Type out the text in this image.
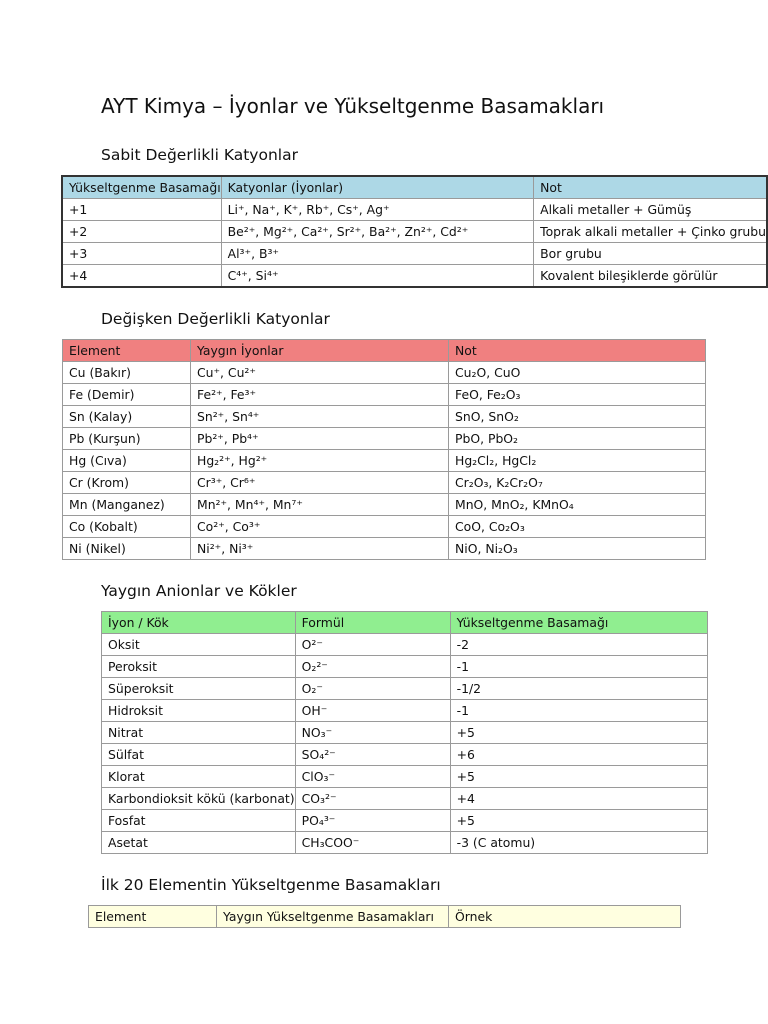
AYT Kimya – İyonlar ve Yükseltgenme Basamakları
Sabit Değerlikli Katyonlar
Yükseltgenme Basamağı	Katyonlar (İyonlar)	Not
+1	Li⁺, Na⁺, K⁺, Rb⁺, Cs⁺, Ag⁺	Alkali metaller + Gümüş
+2	Be²⁺, Mg²⁺, Ca²⁺, Sr²⁺, Ba²⁺, Zn²⁺, Cd²⁺	Toprak alkali metaller + Çinko grubu
+3	Al³⁺, B³⁺	Bor grubu
+4	C⁴⁺, Si⁴⁺	Kovalent bileşiklerde görülür
Değişken Değerlikli Katyonlar
Element	Yaygın İyonlar	Not
Cu (Bakır)	Cu⁺, Cu²⁺	Cu₂O, CuO
Fe (Demir)	Fe²⁺, Fe³⁺	FeO, Fe₂O₃
Sn (Kalay)	Sn²⁺, Sn⁴⁺	SnO, SnO₂
Pb (Kurşun)	Pb²⁺, Pb⁴⁺	PbO, PbO₂
Hg (Cıva)	Hg₂²⁺, Hg²⁺	Hg₂Cl₂, HgCl₂
Cr (Krom)	Cr³⁺, Cr⁶⁺	Cr₂O₃, K₂Cr₂O₇
Mn (Manganez)	Mn²⁺, Mn⁴⁺, Mn⁷⁺	MnO, MnO₂, KMnO₄
Co (Kobalt)	Co²⁺, Co³⁺	CoO, Co₂O₃
Ni (Nikel)	Ni²⁺, Ni³⁺	NiO, Ni₂O₃
Yaygın Anionlar ve Kökler
İyon / Kök	Formül	Yükseltgenme Basamağı
Oksit	O²⁻	-2
Peroksit	O₂²⁻	-1
Süperoksit	O₂⁻	-1/2
Hidroksit	OH⁻	-1
Nitrat	NO₃⁻	+5
Sülfat	SO₄²⁻	+6
Klorat	ClO₃⁻	+5
Karbondioksit kökü (karbonat)	CO₃²⁻	+4
Fosfat	PO₄³⁻	+5
Asetat	CH₃COO⁻	-3 (C atomu)
İlk 20 Elementin Yükseltgenme Basamakları
Element	Yaygın Yükseltgenme Basamakları	Örnek
